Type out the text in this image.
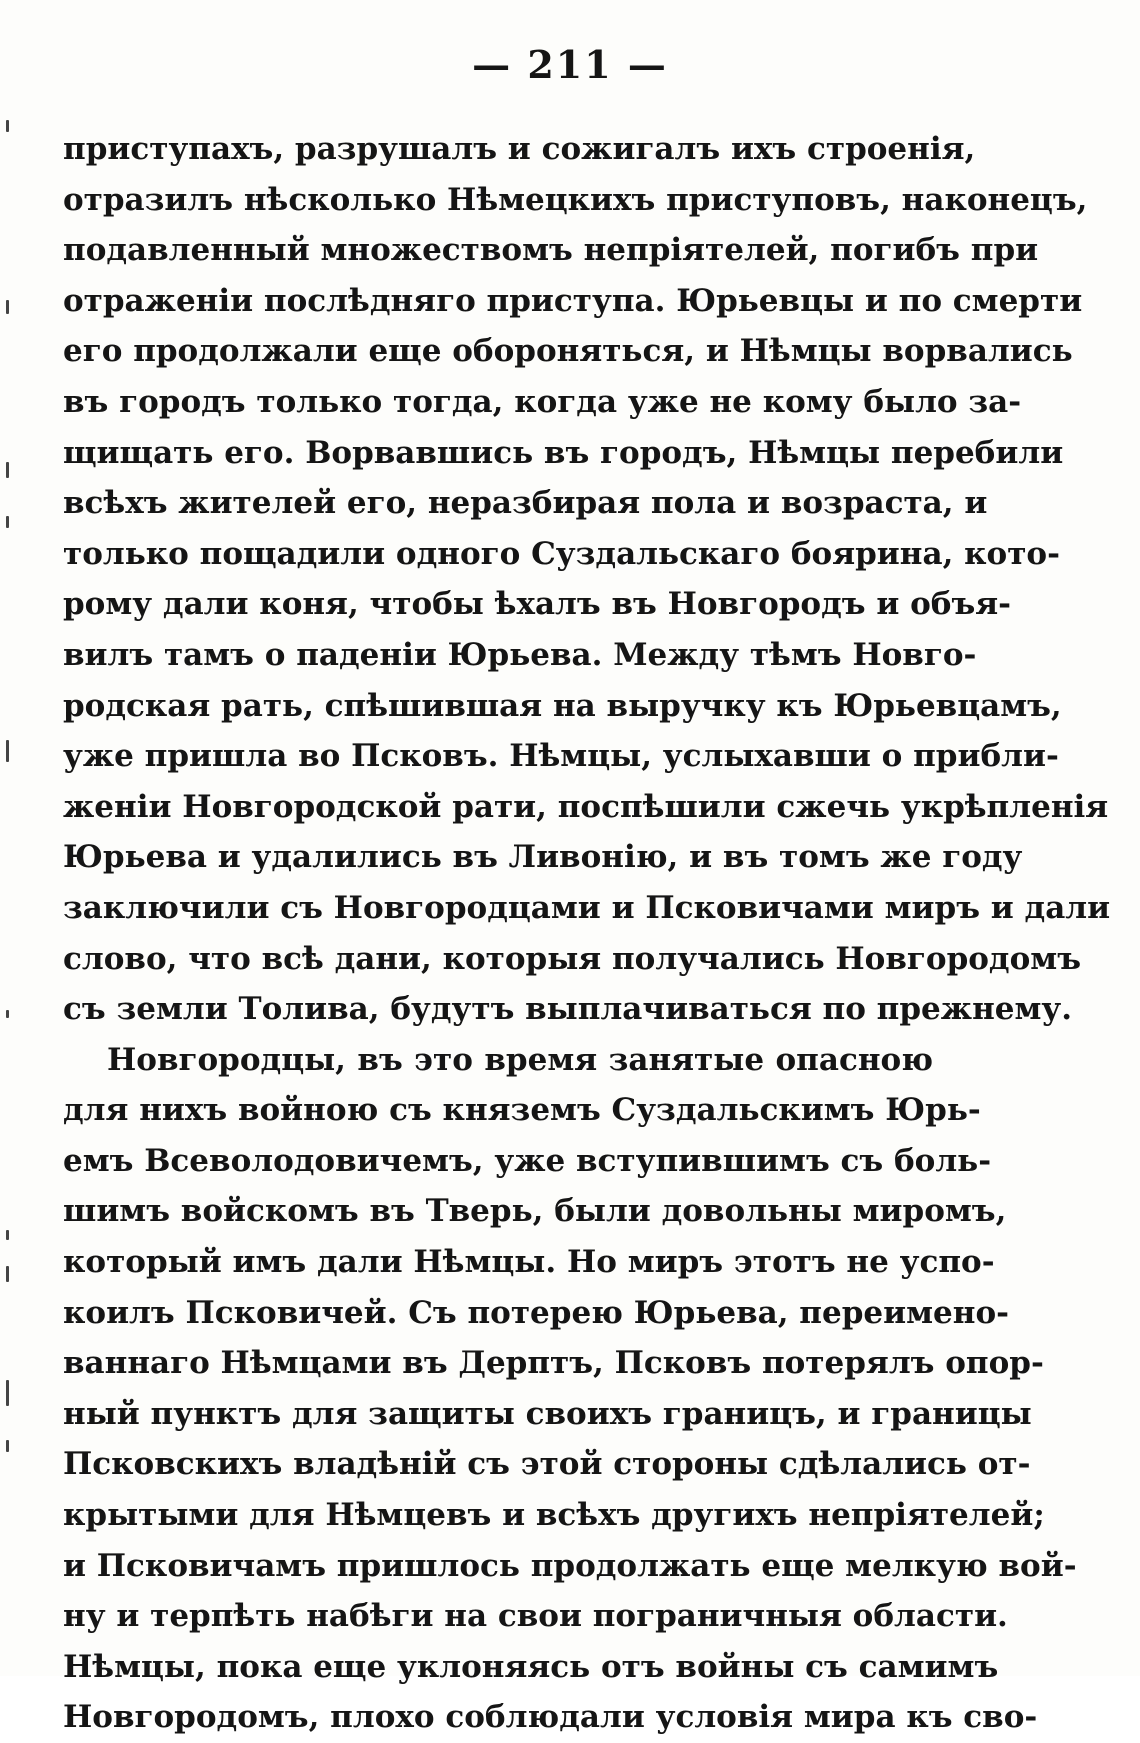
— 211 —
приступахъ, разрушалъ и сожигалъ ихъ строенія,
отразилъ нѣсколько Нѣмецкихъ приступовъ, наконецъ,
подавленный множествомъ непріятелей, погибъ при
отраженіи послѣдняго приступа. Юрьевцы и по смерти
его продолжали еще обороняться, и Нѣмцы ворвались
въ городъ только тогда, когда уже не кому было за-
щищать его. Ворвавшись въ городъ, Нѣмцы перебили
всѣхъ жителей его, неразбирая пола и возраста, и
только пощадили одного Суздальскаго боярина, кото-
рому дали коня, чтобы ѣхалъ въ Новгородъ и объя-
вилъ тамъ о паденіи Юрьева. Между тѣмъ Новго-
родская рать, спѣшившая на выручку къ Юрьевцамъ,
уже пришла во Псковъ. Нѣмцы, услыхавши о прибли-
женіи Новгородской рати, поспѣшили сжечь укрѣпленія
Юрьева и удалились въ Ливонію, и въ томъ же году
заключили съ Новгородцами и Псковичами миръ и дали
слово, что всѣ дани, которыя получались Новгородомъ
съ земли Толива, будутъ выплачиваться по прежнему.
Новгородцы, въ это время занятые опасною
для нихъ войною съ княземъ Суздальскимъ Юрь-
емъ Всеволодовичемъ, уже вступившимъ съ боль-
шимъ войскомъ въ Тверь, были довольны миромъ,
который имъ дали Нѣмцы. Но миръ этотъ не успо-
коилъ Псковичей. Съ потерею Юрьева, переимено-
ваннаго Нѣмцами въ Дерптъ, Псковъ потерялъ опор-
ный пунктъ для защиты своихъ границъ, и границы
Псковскихъ владѣній съ этой стороны сдѣлались от-
крытыми для Нѣмцевъ и всѣхъ другихъ непріятелей;
и Псковичамъ пришлось продолжать еще мелкую вой-
ну и терпѣть набѣги на свои пограничныя области.
Нѣмцы, пока еще уклоняясь отъ войны съ самимъ
Новгородомъ, плохо соблюдали условія мира къ сво-
